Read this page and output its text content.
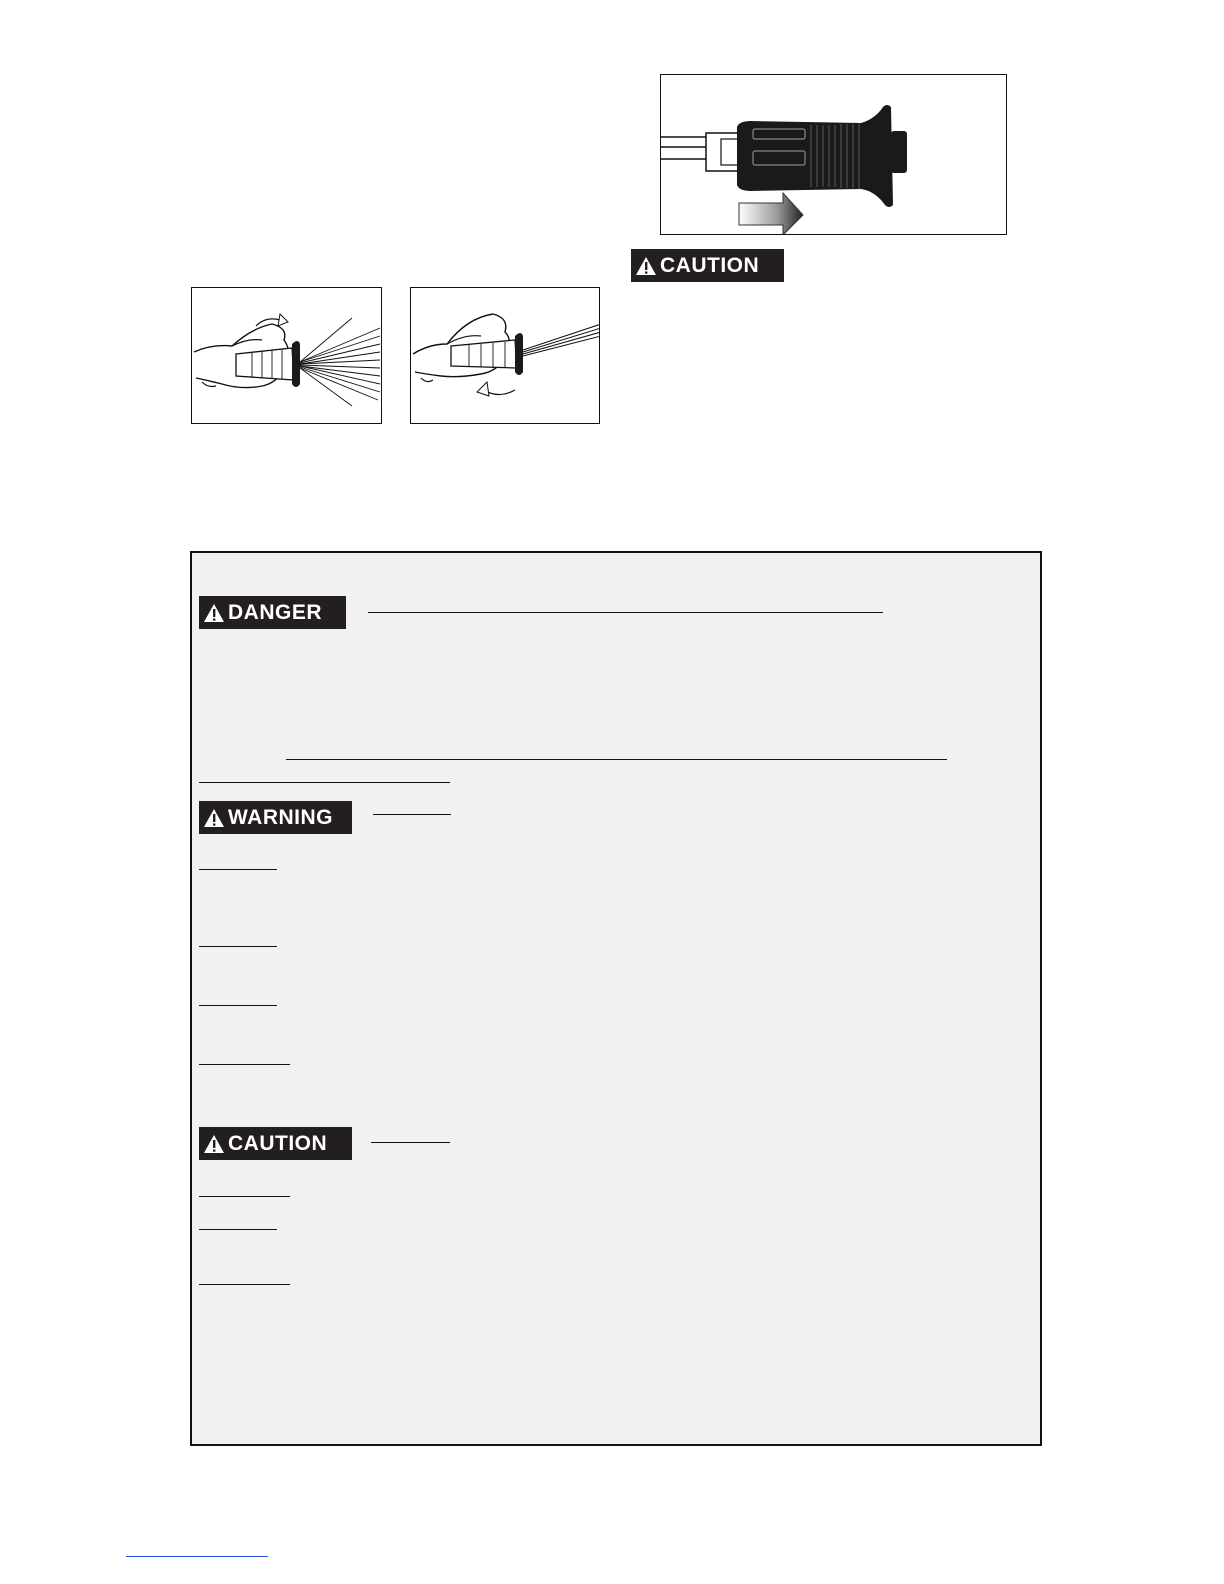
CAUTION
DANGER
WARNING
CAUTION
